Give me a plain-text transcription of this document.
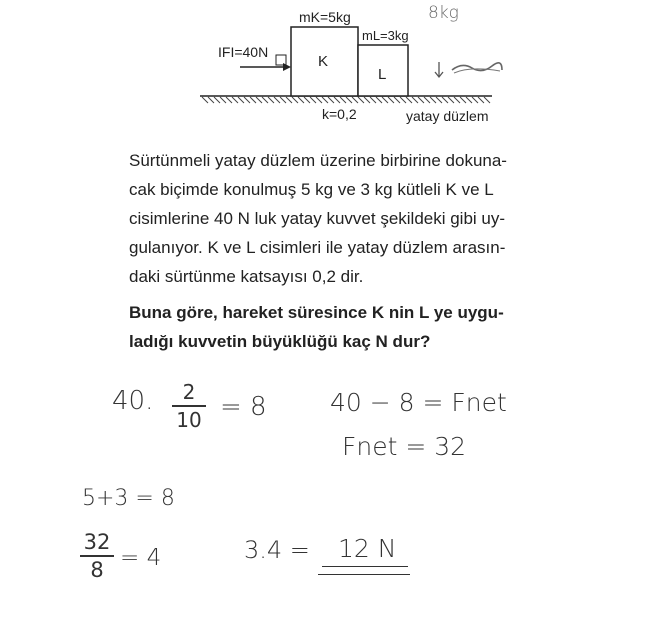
IFI=40N
mK=5kg
mL=3kg
K
L
k=0,2	yatay düzlem
8kg
Sürtünmeli yatay düzlem üzerine birbirine dokuna-
cak biçimde konulmuş 5 kg ve 3 kg kütleli K ve L
cisimlerine 40 N luk yatay kuvvet şekildeki gibi uy-
gulanıyor. K ve L cisimleri ile yatay düzlem arasın-
daki sürtünme katsayısı 0,2 dir.
Buna göre, hareket süresince K nin L ye uygu-
ladığı kuvvetin büyüklüğü kaç N dur?
40.	2
10 = 8	40 − 8 = Fnet
Fnet = 32
5+3 = 8
32
8 = 4	3.4 = 12 N
